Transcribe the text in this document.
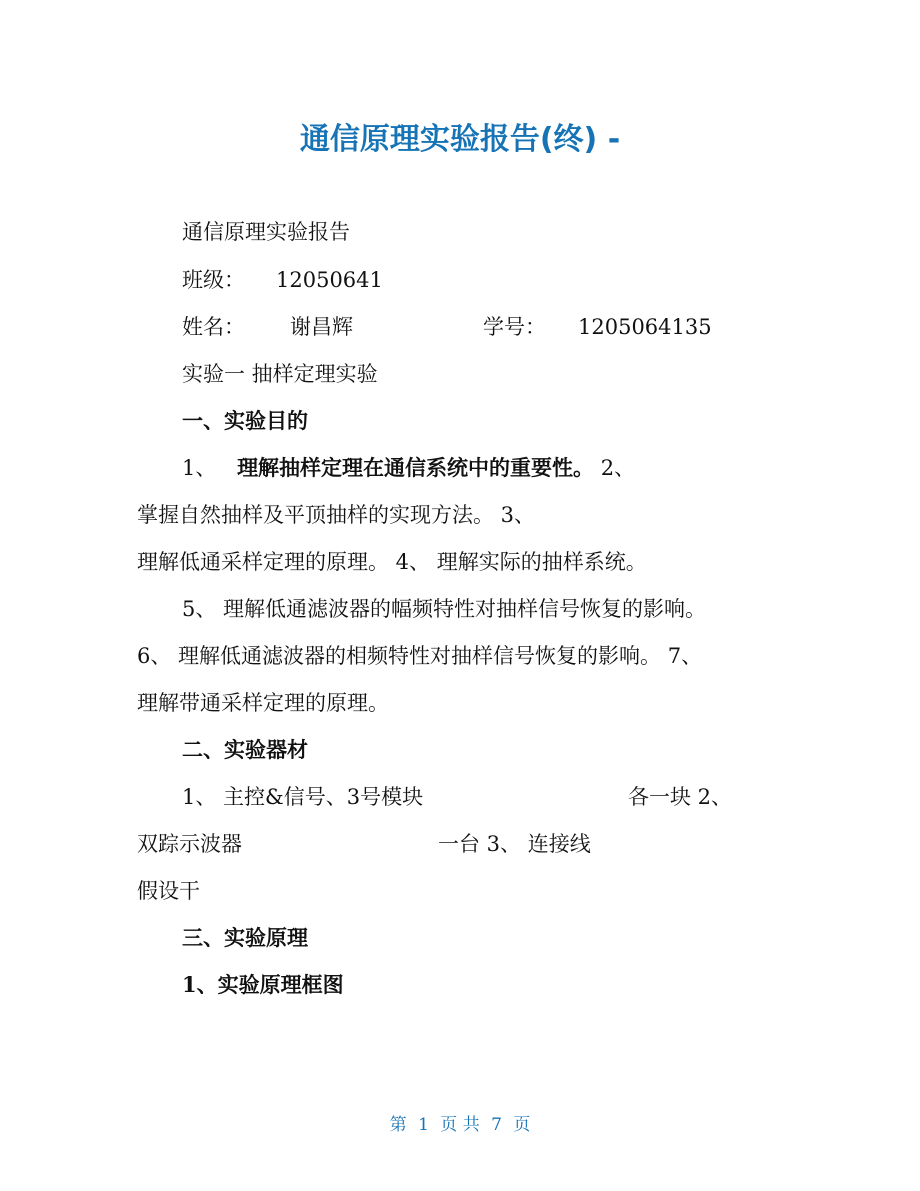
通信原理实验报告(终) -
通信原理实验报告
班级： 12050641
姓名： 谢昌辉	学号： 1205064135
实验一 抽样定理实验
一、实验目的
1、 理解抽样定理在通信系统中的重要性。 2、
掌握自然抽样及平顶抽样的实现方法。 3、
理解低通采样定理的原理。 4、 理解实际的抽样系统。
5、 理解低通滤波器的幅频特性对抽样信号恢复的影响。
6、 理解低通滤波器的相频特性对抽样信号恢复的影响。 7、
理解带通采样定理的原理。
二、实验器材
1、 主控&信号、3号模块	各一块 2、
双踪示波器	一台 3、 连接线
假设干
三、实验原理
1、实验原理框图
第 1 页 共 7 页
